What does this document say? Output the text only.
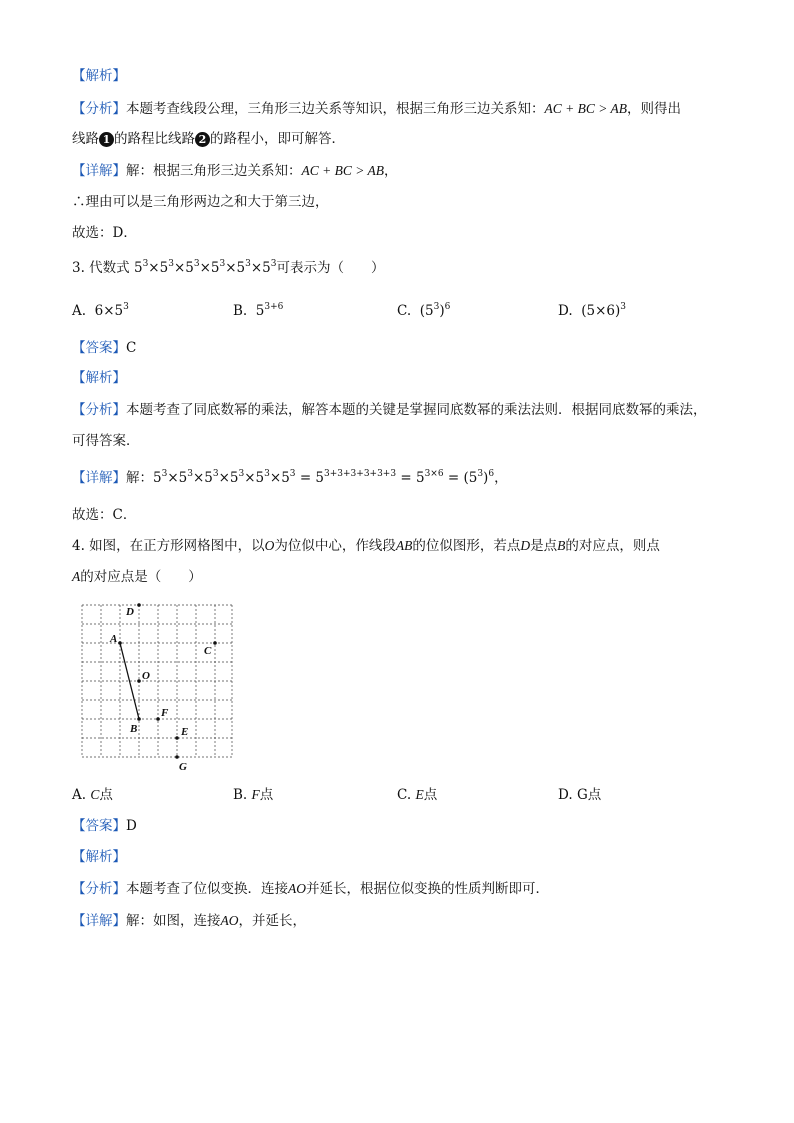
【解析】
【分析】本题考查线段公理，三角形三边关系等知识，根据三角形三边关系知：AC + BC > AB，则得出
线路 1 的路程比线路 2 的路程小，即可解答．
【详解】解：根据三角形三边关系知：AC + BC > AB，
∴理由可以是三角形两边之和大于第三边，
故选：D．
3. 代数式 $5^3\times 5^3\times 5^3\times 5^3\times 5^3\times 5^3$可表示为（　　）
A.  $6\times 5^3$	B.  $5^{3+6}$	C.  $(5^3)^6$	D.  $(5\times 6)^3$
【答案】C
【解析】
【分析】本题考查了同底数幂的乘法，解答本题的关键是掌握同底数幂的乘法法则．根据同底数幂的乘法，
可得答案．
【详解】解：$5^3\times 5^3\times 5^3\times 5^3\times 5^3\times 5^3 = 5^{3+3+3+3+3+3} = 5^{3\times 6} = (5^3)^6$，
故选：C．
4. 如图，在正方形网格图中，以O为位似中心，作线段AB的位似图形，若点D是点B的对应点，则点
A的对应点是（　　）
D
A
C
O
F
B	E
G
A. C点	B. F点	C. E点	D. G点
【答案】D
【解析】
【分析】本题考查了位似变换．连接AO并延长，根据位似变换的性质判断即可．
【详解】解：如图，连接AO，并延长，
